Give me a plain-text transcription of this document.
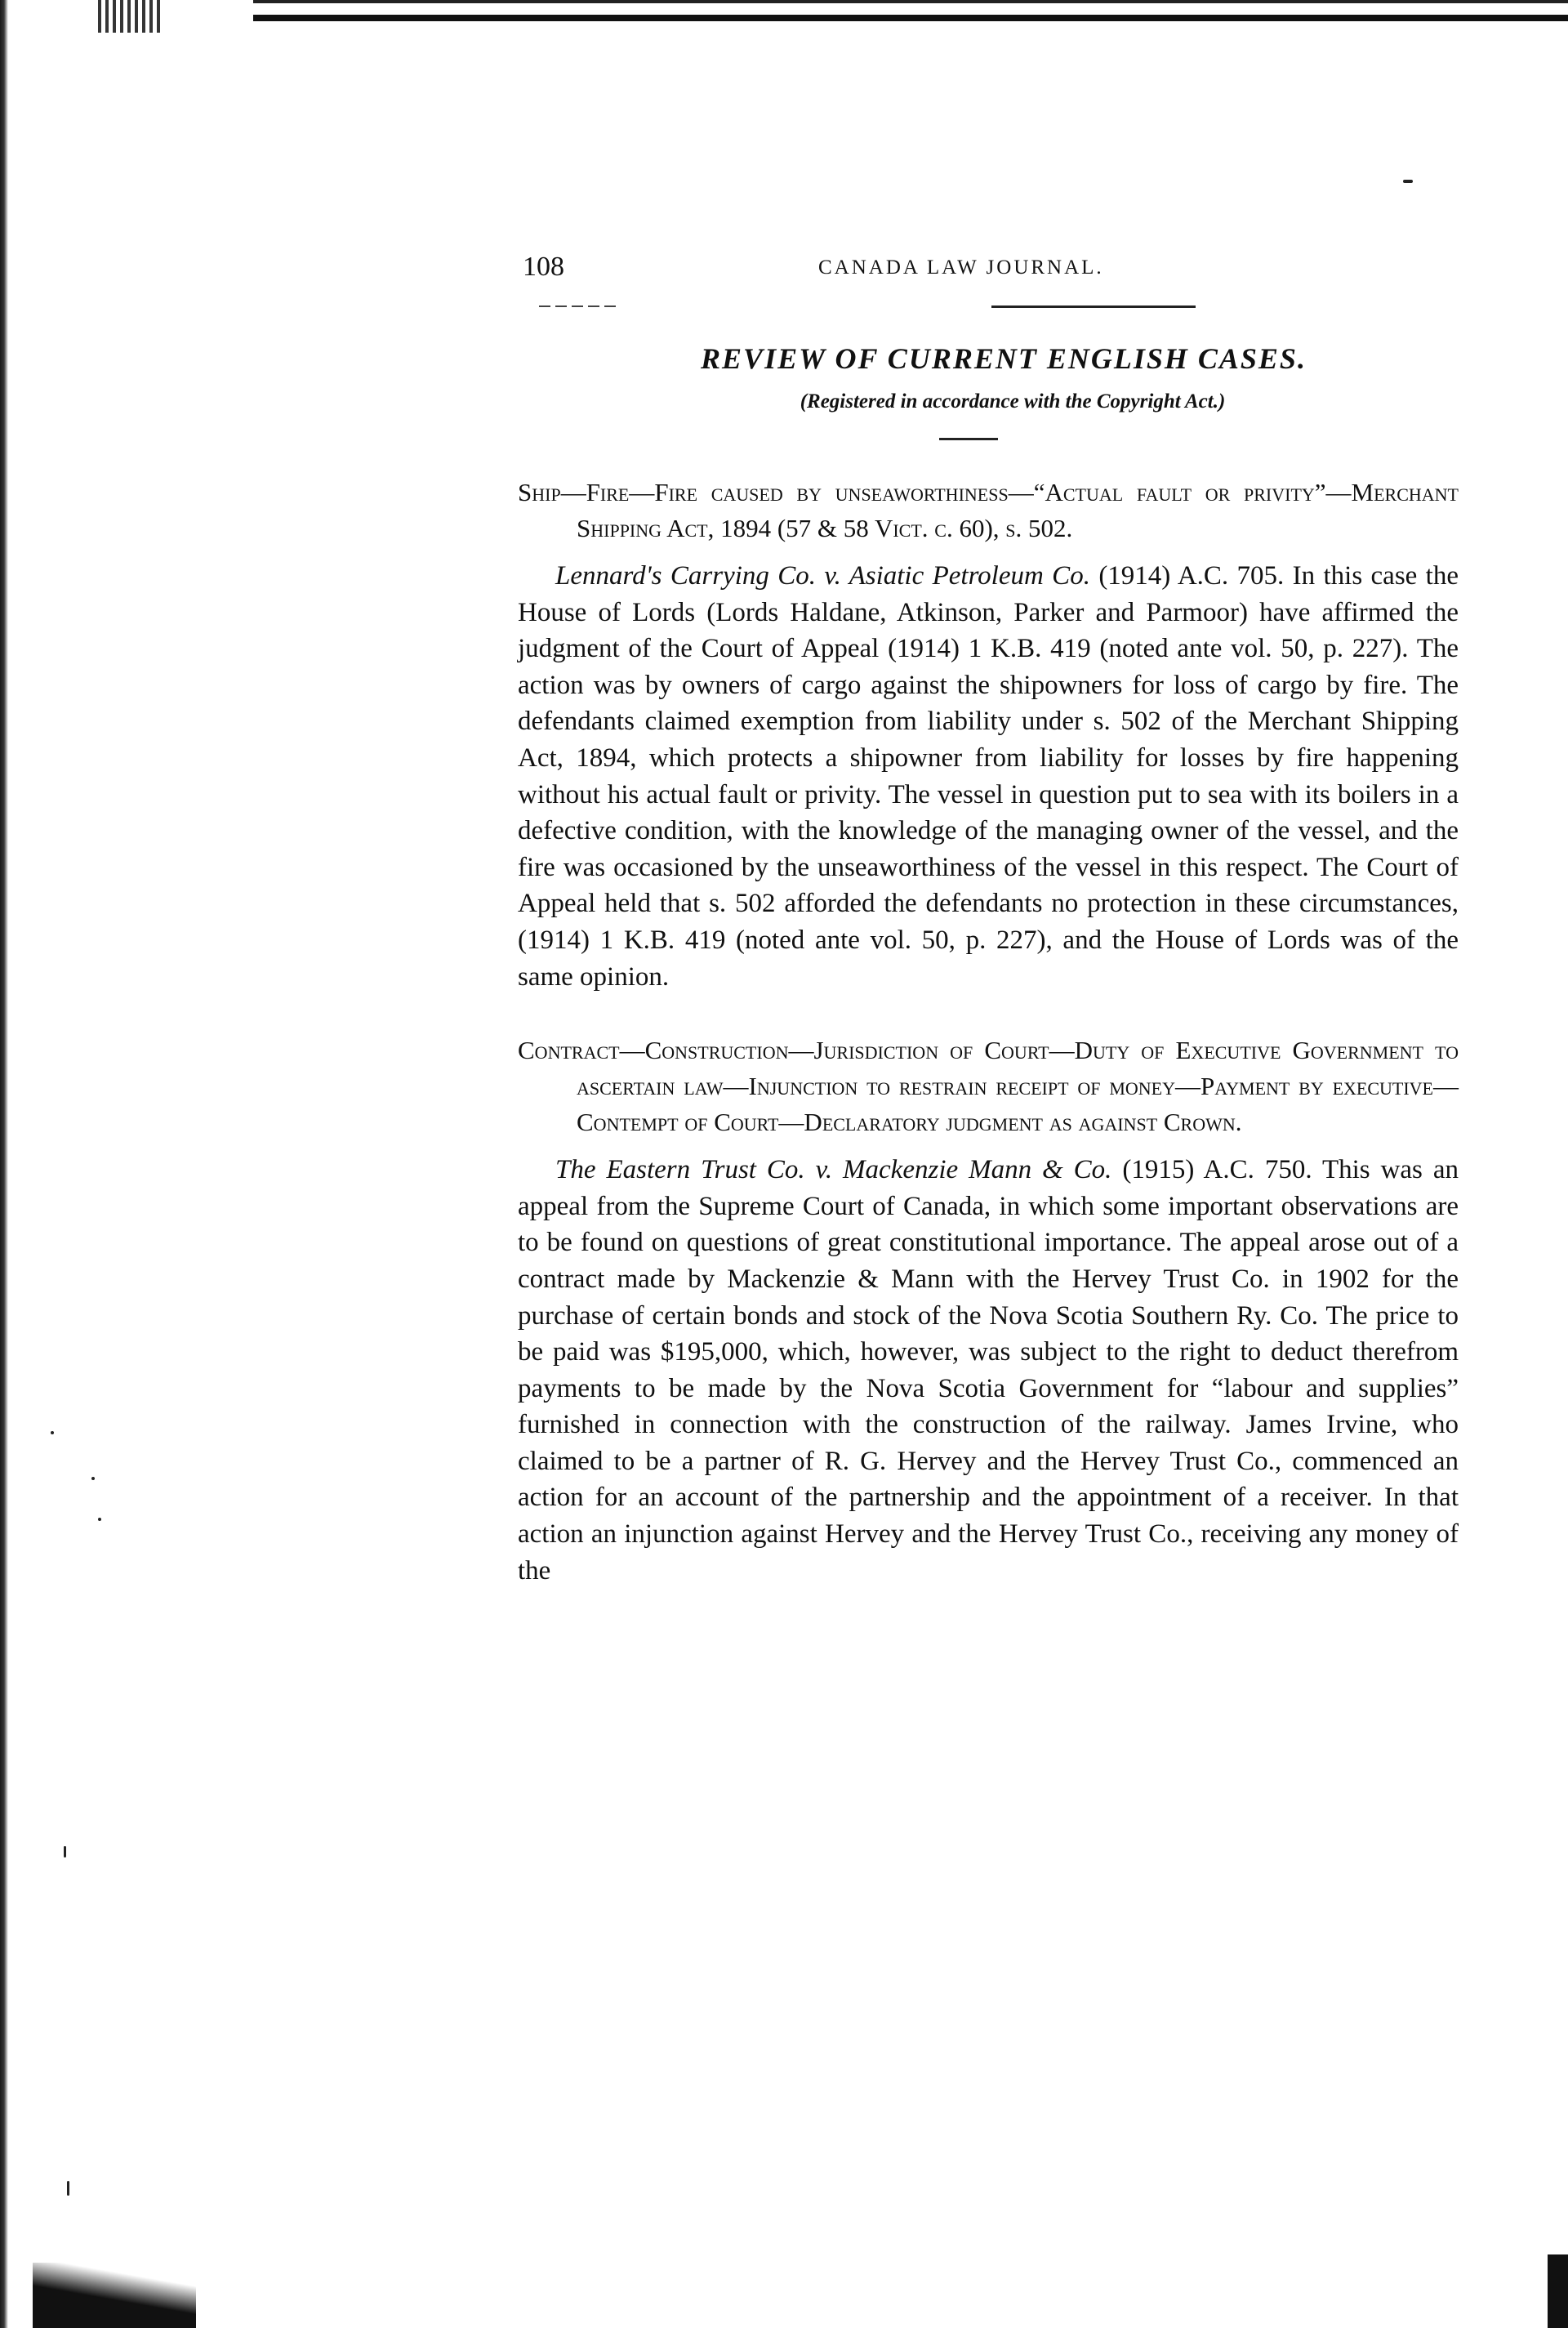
108	CANADA LAW JOURNAL.
REVIEW OF CURRENT ENGLISH CASES.

(Registered in accordance with the Copyright Act.)

Ship—Fire—Fire caused by unseaworthiness—“Actual fault or privity”—Merchant Shipping Act, 1894 (57 & 58 Vict. c. 60), s. 502.

Lennard's Carrying Co. v. Asiatic Petroleum Co. (1914) A.C. 705. In this case the House of Lords (Lords Haldane, Atkinson, Parker and Parmoor) have affirmed the judgment of the Court of Appeal (1914) 1 K.B. 419 (noted ante vol. 50, p. 227). The action was by owners of cargo against the shipowners for loss of cargo by fire. The defendants claimed exemption from liability under s. 502 of the Merchant Shipping Act, 1894, which protects a shipowner from liability for losses by fire happening without his actual fault or privity. The vessel in question put to sea with its boilers in a defective condition, with the knowledge of the managing owner of the vessel, and the fire was occasioned by the unseaworthiness of the vessel in this respect. The Court of Appeal held that s. 502 afforded the defendants no protection in these circumstances, (1914) 1 K.B. 419 (noted ante vol. 50, p. 227), and the House of Lords was of the same opinion.

Contract—Construction—Jurisdiction of Court—Duty of Executive Government to ascertain law—Injunction to restrain receipt of money—Payment by executive—Contempt of Court—Declaratory judgment as against Crown.

The Eastern Trust Co. v. Mackenzie Mann & Co. (1915) A.C. 750. This was an appeal from the Supreme Court of Canada, in which some important observations are to be found on questions of great constitutional importance. The appeal arose out of a contract made by Mackenzie & Mann with the Hervey Trust Co. in 1902 for the purchase of certain bonds and stock of the Nova Scotia Southern Ry. Co. The price to be paid was $195,000, which, however, was subject to the right to deduct therefrom payments to be made by the Nova Scotia Government for “labour and supplies” furnished in connection with the construction of the railway. James Irvine, who claimed to be a partner of R. G. Hervey and the Hervey Trust Co., commenced an action for an account of the partnership and the appointment of a receiver. In that action an injunction against Hervey and the Hervey Trust Co., receiving any money of the
